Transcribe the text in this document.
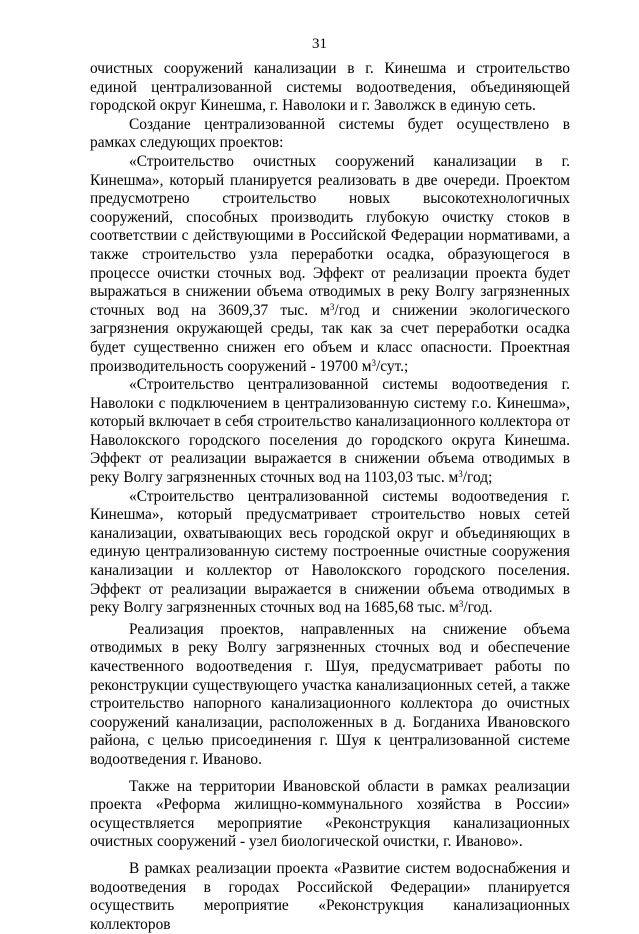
31

очистных сооружений канализации в г. Кинешма и строительство единой централизованной системы водоотведения, объединяющей городской округ Кинешма, г. Наволоки и г. Заволжск в единую сеть.

Создание централизованной системы будет осуществлено в рамках следующих проектов:

«Строительство очистных сооружений канализации в г. Кинешма», который планируется реализовать в две очереди. Проектом предусмотрено строительство новых высокотехнологичных сооружений, способных производить глубокую очистку стоков в соответствии с действующими в Российской Федерации нормативами, а также строительство узла переработки осадка, образующегося в процессе очистки сточных вод. Эффект от реализации проекта будет выражаться в снижении объема отводимых в реку Волгу загрязненных сточных вод на 3609,37 тыс. $м^3$/год и снижении экологического загрязнения окружающей среды, так как за счет переработки осадка будет существенно снижен его объем и класс опасности. Проектная производительность сооружений - 19700 $м^3$/сут.;

«Строительство централизованной системы водоотведения г. Наволоки с подключением в централизованную систему г.о. Кинешма», который включает в себя строительство канализационного коллектора от Наволокского городского поселения до городского округа Кинешма. Эффект от реализации выражается в снижении объема отводимых в реку Волгу загрязненных сточных вод на 1103,03 тыс. $м^3$/год;

«Строительство централизованной системы водоотведения г. Кинешма», который предусматривает строительство новых сетей канализации, охватывающих весь городской округ и объединяющих в единую централизованную систему построенные очистные сооружения канализации и коллектор от Наволокского городского поселения. Эффект от реализации выражается в снижении объема отводимых в реку Волгу загрязненных сточных вод на 1685,68 тыс. $м^3$/год.

Реализация проектов, направленных на снижение объема отводимых в реку Волгу загрязненных сточных вод и обеспечение качественного водоотведения г. Шуя, предусматривает работы по реконструкции существующего участка канализационных сетей, а также строительство напорного канализационного коллектора до очистных сооружений канализации, расположенных в д. Богданиха Ивановского района, с целью присоединения г. Шуя к централизованной системе водоотведения г. Иваново.

Также на территории Ивановской области в рамках реализации проекта «Реформа жилищно-коммунального хозяйства в России» осуществляется мероприятие «Реконструкция канализационных очистных сооружений - узел биологической очистки, г. Иваново».

В рамках реализации проекта «Развитие систем водоснабжения и водоотведения в городах Российской Федерации» планируется осуществить мероприятие «Реконструкция канализационных коллекторов
